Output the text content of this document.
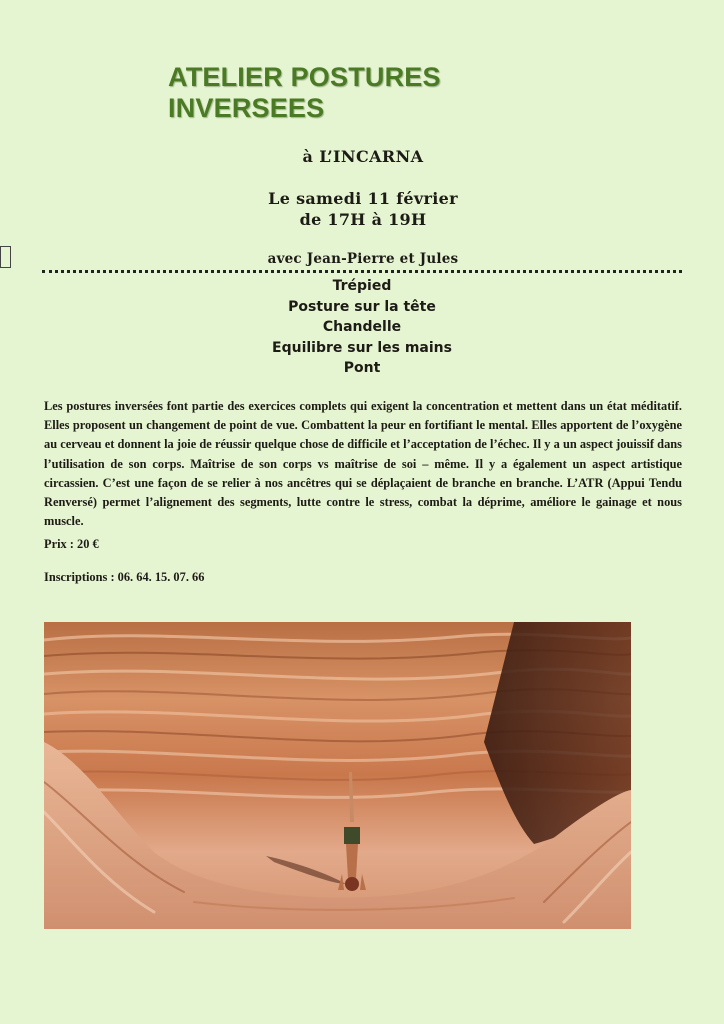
ATELIER POSTURES
INVERSEES
à L’INCARNA
Le samedi 11 février
de 17H à 19H
avec Jean-Pierre et Jules
Trépied
Posture sur la tête
Chandelle
Equilibre sur les mains
Pont

Les postures inversées font partie des exercices complets qui exigent la concentration et mettent dans un état méditatif. Elles proposent un changement de point de vue. Combattent la peur en fortifiant le mental. Elles apportent de l’oxygène au cerveau et donnent la joie de réussir quelque chose de difficile et l’acceptation de l’échec. Il y a un aspect jouissif dans l’utilisation de son corps. Maîtrise de son corps vs maîtrise de soi – même. Il y a également un aspect artistique circassien. C’est une façon de se relier à nos ancêtres qui se déplaçaient de branche en branche. L’ATR (Appui Tendu Renversé) permet l’alignement des segments, lutte contre le stress, combat la déprime, améliore le gainage et nous muscle.

Prix : 20 €

Inscriptions : 06. 64. 15. 07. 66
